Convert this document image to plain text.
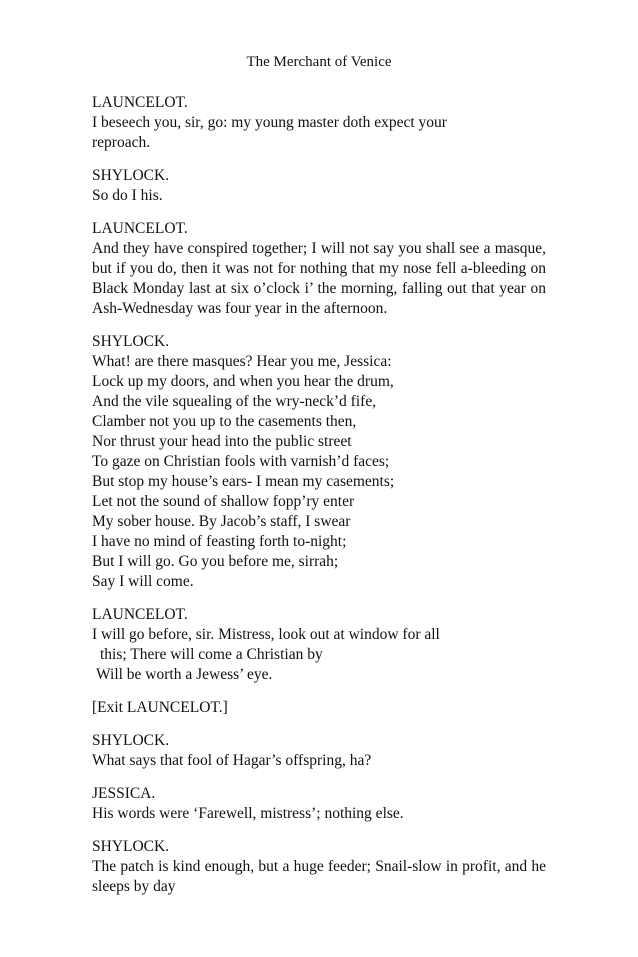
The Merchant of Venice
LAUNCELOT.
I beseech you, sir, go: my young master doth expect your
reproach.
SHYLOCK.
So do I his.
LAUNCELOT.
And they have conspired together; I will not say you shall see a masque, but if you do, then it was not for nothing that my nose fell a-bleeding on Black Monday last at six o’clock i’ the morning, falling out that year on Ash-Wednesday was four year in the afternoon.
SHYLOCK.
What! are there masques? Hear you me, Jessica:
Lock up my doors, and when you hear the drum,
And the vile squealing of the wry-neck’d fife,
Clamber not you up to the casements then,
Nor thrust your head into the public street
To gaze on Christian fools with varnish’d faces;
But stop my house’s ears- I mean my casements;
Let not the sound of shallow fopp’ry enter
My sober house. By Jacob’s staff, I swear
I have no mind of feasting forth to-night;
But I will go. Go you before me, sirrah;
Say I will come.
LAUNCELOT.
I will go before, sir. Mistress, look out at window for all
this; There will come a Christian by
Will be worth a Jewess’ eye.
[Exit LAUNCELOT.]
SHYLOCK.
What says that fool of Hagar’s offspring, ha?
JESSICA.
His words were ‘Farewell, mistress’; nothing else.
SHYLOCK.
The patch is kind enough, but a huge feeder; Snail-slow in profit, and he sleeps by day
